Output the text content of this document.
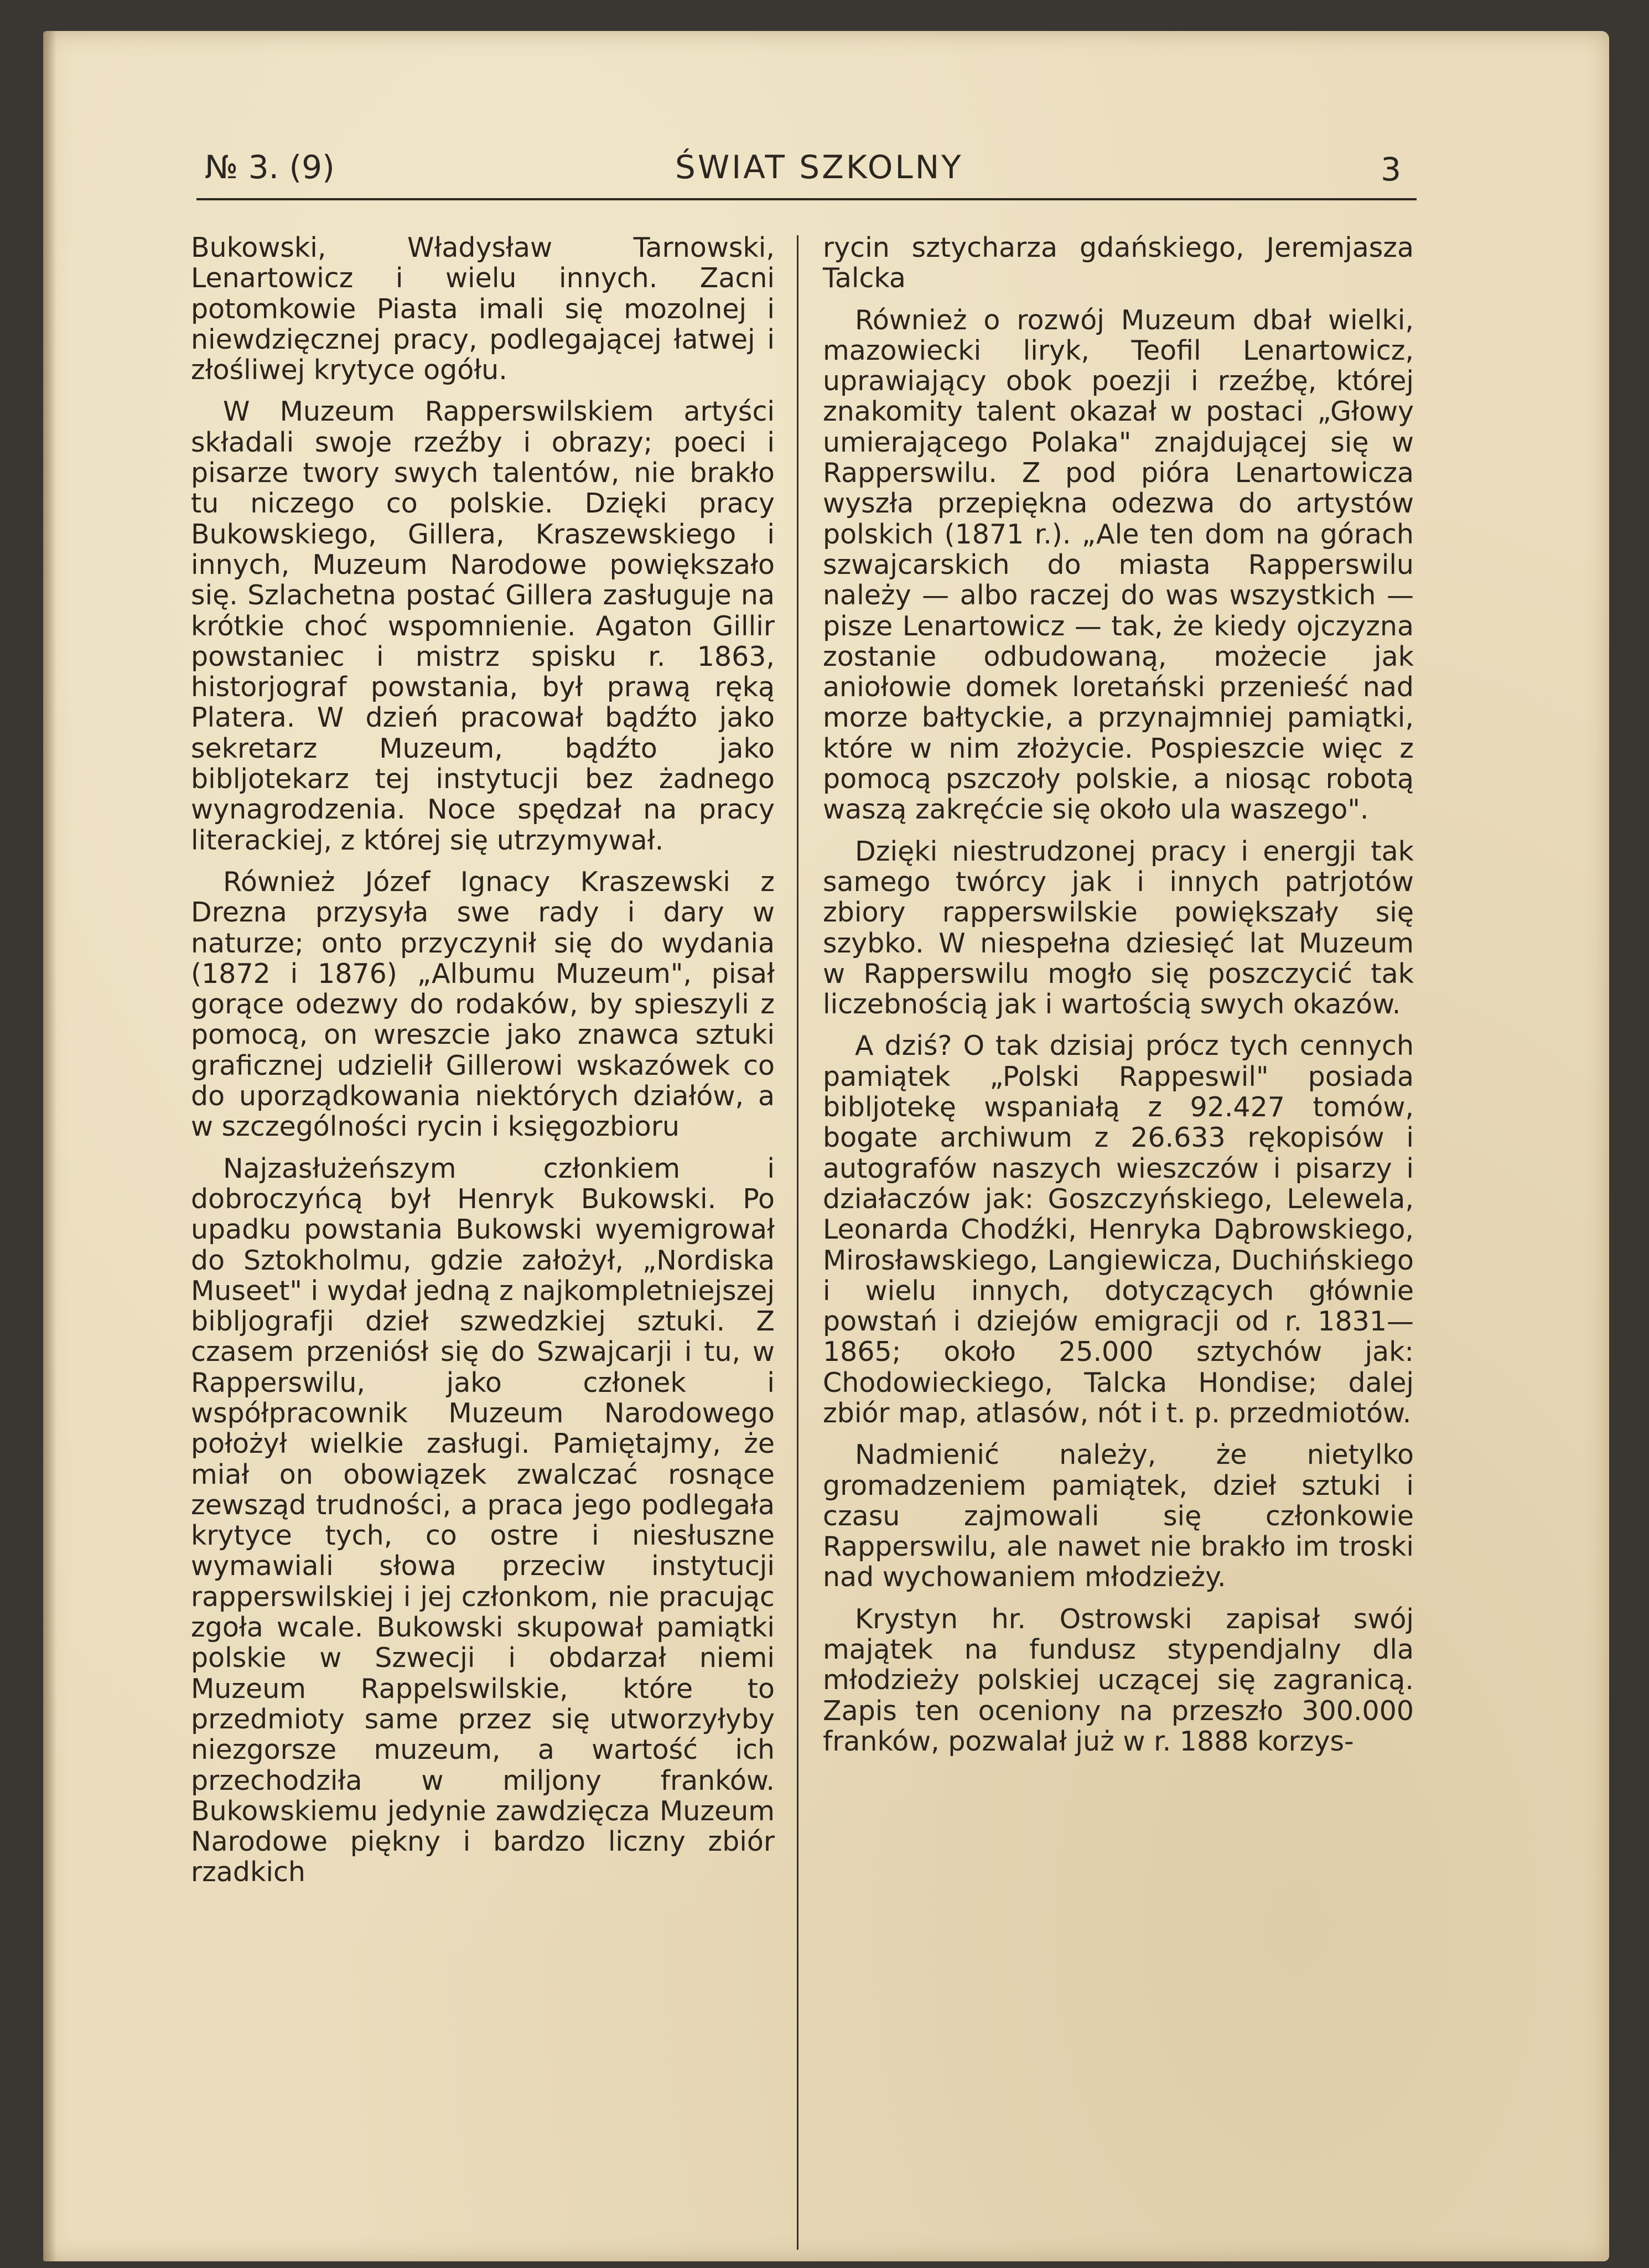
№ 3. (9)	ŚWIAT SZKOLNY	3

Bukowski, Władysław Tarnowski, Lenartowicz i wielu innych. Zacni potomkowie Piasta imali się mozolnej i niewdzięcznej pracy, podlegającej łatwej i złośliwej krytyce ogółu.

W Muzeum Rapperswilskiem artyści składali swoje rzeźby i obrazy; poeci i pisarze twory swych talentów, nie brakło tu niczego co polskie. Dzięki pracy Bukowskiego, Gillera, Kraszewskiego i innych, Muzeum Narodowe powiększało się. Szlachetna postać Gillera zasługuje na krótkie choć wspomnienie. Agaton Gillir powstaniec i mistrz spisku r. 1863, historjograf powstania, był prawą ręką Platera. W dzień pracował bądźto jako sekretarz Muzeum, bądźto jako bibljotekarz tej instytucji bez żadnego wynagrodzenia. Noce spędzał na pracy literackiej, z której się utrzymywał.

Również Józef Ignacy Kraszewski z Drezna przysyła swe rady i dary w naturze; onto przyczynił się do wydania (1872 i 1876) „Albumu Muzeum", pisał gorące odezwy do rodaków, by spieszyli z pomocą, on wreszcie jako znawca sztuki graficznej udzielił Gillerowi wskazówek co do uporządkowania niektórych działów, a w szczególności rycin i księgozbioru

Najzasłużeńszym członkiem i dobroczyńcą był Henryk Bukowski. Po upadku powstania Bukowski wyemigrował do Sztokholmu, gdzie założył, „Nordiska Museet" i wydał jedną z najkompletniejszej bibljografji dzieł szwedzkiej sztuki. Z czasem przeniósł się do Szwajcarji i tu, w Rapperswilu, jako członek i współpracownik Muzeum Narodowego położył wielkie zasługi. Pamiętajmy, że miał on obowiązek zwalczać rosnące zewsząd trudności, a praca jego podlegała krytyce tych, co ostre i niesłuszne wymawiali słowa przeciw instytucji rapperswilskiej i jej członkom, nie pracując zgoła wcale. Bukowski skupował pamiątki polskie w Szwecji i obdarzał niemi Muzeum Rappelswilskie, które to przedmioty same przez się utworzyłyby niezgorsze muzeum, a wartość ich przechodziła w miljony franków. Bukowskiemu jedynie zawdzięcza Muzeum Narodowe piękny i bardzo liczny zbiór rzadkich

rycin sztycharza gdańskiego, Jeremjasza Talcka

Również o rozwój Muzeum dbał wielki, mazowiecki liryk, Teofil Lenartowicz, uprawiający obok poezji i rzeźbę, której znakomity talent okazał w postaci „Głowy umierającego Polaka" znajdującej się w Rapperswilu. Z pod pióra Lenartowicza wyszła przepiękna odezwa do artystów polskich (1871 r.). „Ale ten dom na górach szwajcarskich do miasta Rapperswilu należy — albo raczej do was wszystkich — pisze Lenartowicz — tak, że kiedy ojczyzna zostanie odbudowaną, możecie jak aniołowie domek loretański przenieść nad morze bałtyckie, a przynajmniej pamiątki, które w nim złożycie. Pospieszcie więc z pomocą pszczoły polskie, a niosąc robotą waszą zakręćcie się około ula waszego".

Dzięki niestrudzonej pracy i energji tak samego twórcy jak i innych patrjotów zbiory rapperswilskie powiększały się szybko. W niespełna dziesięć lat Muzeum w Rapperswilu mogło się poszczycić tak liczebnością jak i wartością swych okazów.

A dziś? O tak dzisiaj prócz tych cennych pamiątek „Polski Rappeswil" posiada bibljotekę wspaniałą z 92.427 tomów, bogate archiwum z 26.633 rękopisów i autografów naszych wieszczów i pisarzy i działaczów jak: Goszczyńskiego, Lelewela, Leonarda Chodźki, Henryka Dąbrowskiego, Mirosławskiego, Langiewicza, Duchińskiego i wielu innych, dotyczących głównie powstań i dziejów emigracji od r. 1831—1865; około 25.000 sztychów jak: Chodowieckiego, Talcka Hondise; dalej zbiór map, atlasów, nót i t. p. przedmiotów.

Nadmienić należy, że nietylko gromadzeniem pamiątek, dzieł sztuki i czasu zajmowali się członkowie Rapperswilu, ale nawet nie brakło im troski nad wychowaniem młodzieży.

Krystyn hr. Ostrowski zapisał swój majątek na fundusz stypendjalny dla młodzieży polskiej uczącej się zagranicą. Zapis ten oceniony na przeszło 300.000 franków, pozwalał już w r. 1888 korzys-
